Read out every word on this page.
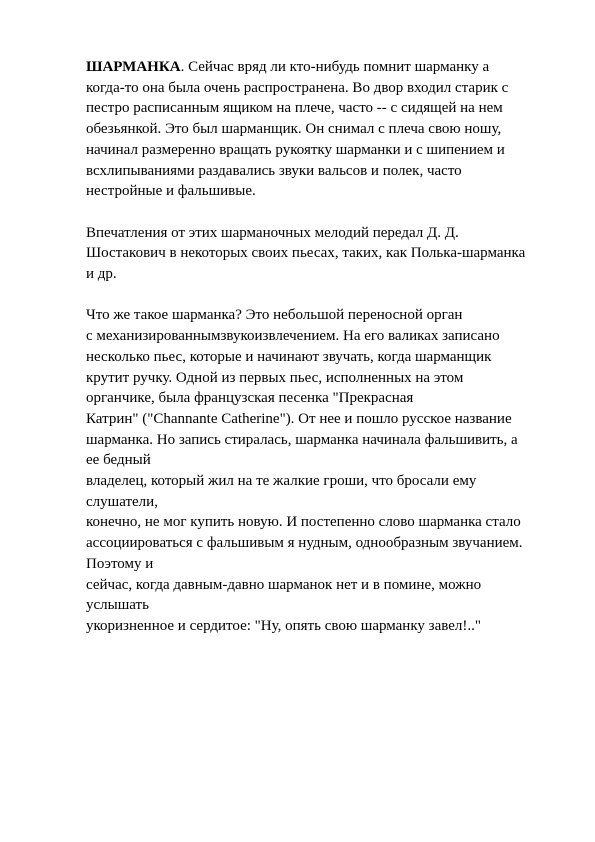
ШАРМАНКА. Сейчас вряд ли кто-нибудь помнит шарманку а
когда-то она была очень распространена. Во двор входил старик с
пестро расписанным ящиком на плече, часто -- с сидящей на нем
обезьянкой. Это был шарманщик. Он снимал с плеча свою ношу,
начинал размеренно вращать рукоятку шарманки и с шипением и
всхлипываниями раздавались звуки вальсов и полек, часто
нестройные и фальшивые.
Впечатления от этих шарманочных мелодий передал Д. Д.
Шостакович в некоторых своих пьесах, таких, как Полька-шарманка
и др.
Что же такое шарманка? Это небольшой переносной орган
с механизированнымзвукоизвлечением. На его валиках записано
несколько пьес, которые и начинают звучать, когда шарманщик
крутит ручку. Одной из первых пьес, исполненных на этом
органчике, была французская песенка "Прекрасная
Катрин" ("Channante Catherine"). От нее и пошло русское название
шарманка. Но запись стиралась, шарманка начинала фальшивить, а
ее бедный
владелец, который жил на те жалкие гроши, что бросали ему
слушатели,
конечно, не мог купить новую. И постепенно слово шарманка стало
ассоциироваться с фальшивым я нудным, однообразным звучанием.
Поэтому и
сейчас, когда давным-давно шарманок нет и в помине, можно
услышать
укоризненное и сердитое: "Ну, опять свою шарманку завел!.."
